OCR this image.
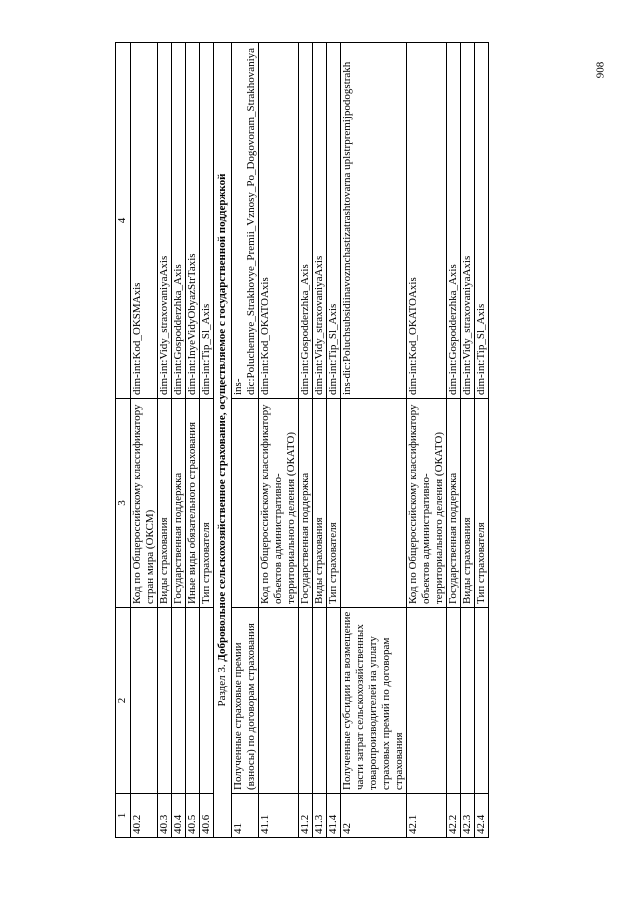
908
1	2	3	4
40.2		Код по Общероссийскому классификатору стран мира (ОКСМ)	dim-int:Kod_OKSMAxis
40.3		Виды страхования	dim-int:Vidy_straxovaniyaAxis
40.4		Государственная поддержка	dim-int:Gospodderzhka_Axis
40.5		Иные виды обязательного страхования	dim-int:InyeVidyObyazStrTaxis
40.6		Тип страхователя	dim-int:Tip_Sl_Axis
Раздел 3. Добровольное сельскохозяйственное страхование, осуществляемое с государственной поддержкой			
41	Полученные страховые премии (взносы) по договорам страхования		ins-dic:Poluchennye_Strakhovye_Premii_Vznosy_Po_Dogovoram_Strakhovaniya
41.1		Код по Общероссийскому классификатору объектов административно-территориального деления (ОКАТО)	dim-int:Kod_OKATOAxis
41.2		Государственная поддержка	dim-int:Gospodderzhka_Axis
41.3		Виды страхования	dim-int:Vidy_straxovaniyaAxis
41.4		Тип страхователя	dim-int:Tip_Sl_Axis
42	Полученные субсидии на возмещение части затрат сельскохозяйственных товаропроизводителей на уплату страховых премий по договорам страхования		ins-dic:Poluchsubsidiinavozmchastizatrashtovarna uplstrpremijpodogstrakh
42.1		Код по Общероссийскому классификатору объектов административно-территориального деления (ОКАТО)	dim-int:Kod_OKATOAxis
42.2		Государственная поддержка	dim-int:Gospodderzhka_Axis
42.3		Виды страхования	dim-int:Vidy_straxovaniyaAxis
42.4		Тип страхователя	dim-int:Tip_Sl_Axis
